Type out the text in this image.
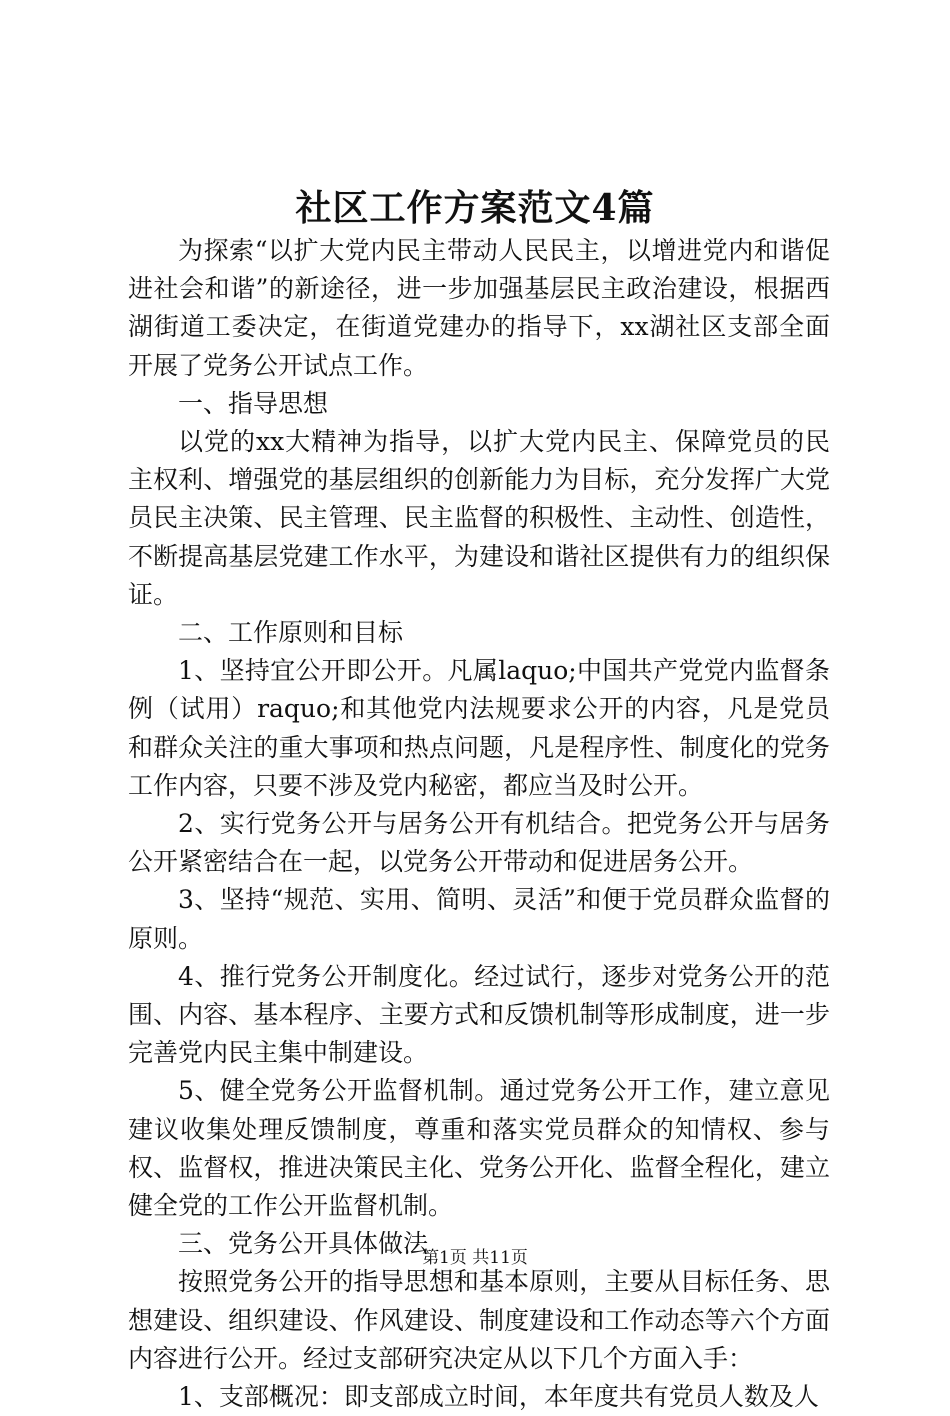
社区工作方案范文4篇

为探索“以扩大党内民主带动人民民主，以增进党内和谐促进社会和谐”的新途径，进一步加强基层民主政治建设，根据西湖街道工委决定，在街道党建办的指导下，xx湖社区支部全面开展了党务公开试点工作。

一、指导思想

以党的xx大精神为指导，以扩大党内民主、保障党员的民主权利、增强党的基层组织的创新能力为目标，充分发挥广大党员民主决策、民主管理、民主监督的积极性、主动性、创造性，不断提高基层党建工作水平，为建设和谐社区提供有力的组织保证。

二、工作原则和目标

1、坚持宜公开即公开。凡属laquo;中国共产党党内监督条例（试用）raquo;和其他党内法规要求公开的内容，凡是党员和群众关注的重大事项和热点问题，凡是程序性、制度化的党务工作内容，只要不涉及党内秘密，都应当及时公开。

2、实行党务公开与居务公开有机结合。把党务公开与居务公开紧密结合在一起，以党务公开带动和促进居务公开。

3、坚持“规范、实用、简明、灵活”和便于党员群众监督的原则。

4、推行党务公开制度化。经过试行，逐步对党务公开的范围、内容、基本程序、主要方式和反馈机制等形成制度，进一步完善党内民主集中制建设。

5、健全党务公开监督机制。通过党务公开工作，建立意见建议收集处理反馈制度，尊重和落实党员群众的知情权、参与权、监督权，推进决策民主化、党务公开化、监督全程化，建立健全党的工作公开监督机制。

三、党务公开具体做法

按照党务公开的指导思想和基本原则，主要从目标任务、思想建设、组织建设、作风建设、制度建设和工作动态等六个方面内容进行公开。经过支部研究决定从以下几个方面入手：

1、支部概况：即支部成立时间，本年度共有党员人数及人

第1页 共11页
